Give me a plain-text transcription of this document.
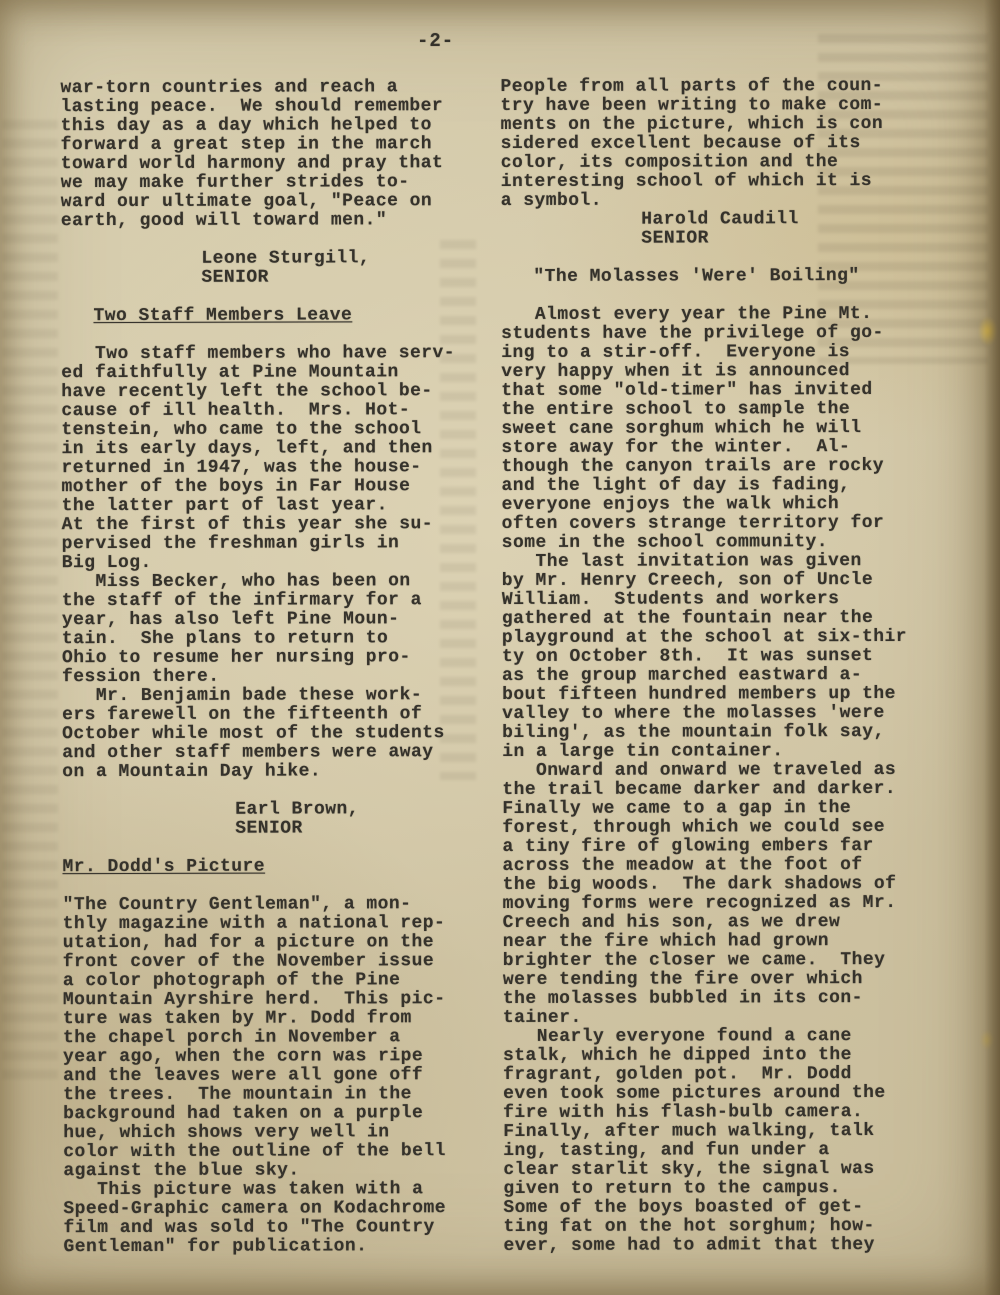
-2-
war-torn countries and reach a
lasting peace.  We should remember
this day as a day which helped to
forward a great step in the march
toward world harmony and pray that
we may make further strides to-
ward our ultimate goal, "Peace on
earth, good will toward men."
Leone Sturgill,
SENIOR
Two Staff Members Leave
Two staff members who have serv-
ed faithfully at Pine Mountain
have recently left the school be-
cause of ill health.  Mrs. Hot-
tenstein, who came to the school
in its early days, left, and then
returned in 1947, was the house-
mother of the boys in Far House
the latter part of last year.
At the first of this year she su-
pervised the freshman girls in
Big Log.
Miss Becker, who has been on
the staff of the infirmary for a
year, has also left Pine Moun-
tain.  She plans to return to
Ohio to resume her nursing pro-
fession there.
Mr. Benjamin bade these work-
ers farewell on the fifteenth of
October while most of the students
and other staff members were away
on a Mountain Day hike.
Earl Brown,
SENIOR
Mr. Dodd's Picture
"The Country Gentleman", a mon-
thly magazine with a national rep-
utation, had for a picture on the
front cover of the November issue
a color photograph of the Pine
Mountain Ayrshire herd.  This pic-
ture was taken by Mr. Dodd from
the chapel porch in November a
year ago, when the corn was ripe
and the leaves were all gone off
the trees.  The mountain in the
background had taken on a purple
hue, which shows very well in
color with the outline of the bell
against the blue sky.
This picture was taken with a
Speed-Graphic camera on Kodachrome
film and was sold to "The Country
Gentleman" for publication.
People from all parts of the coun-
try have been writing to make com-
ments on the picture, which is con
sidered excellent because of its
color, its composition and the
interesting school of which it is
a symbol.
Harold Caudill
SENIOR
"The Molasses 'Were' Boiling"
Almost every year the Pine Mt.
students have the privilege of go-
ing to a stir-off.  Everyone is
very happy when it is announced
that some "old-timer" has invited
the entire school to sample the
sweet cane sorghum which he will
store away for the winter.  Al-
though the canyon trails are rocky
and the light of day is fading,
everyone enjoys the walk which
often covers strange territory for
some in the school community.
The last invitation was given
by Mr. Henry Creech, son of Uncle
William.  Students and workers
gathered at the fountain near the
playground at the school at six-thir
ty on October 8th.  It was sunset
as the group marched eastward a-
bout fifteen hundred members up the
valley to where the molasses 'were
biling', as the mountain folk say,
in a large tin container.
Onward and onward we traveled as
the trail became darker and darker.
Finally we came to a gap in the
forest, through which we could see
a tiny fire of glowing embers far
across the meadow at the foot of
the big woods.  The dark shadows of
moving forms were recognized as Mr.
Creech and his son, as we drew
near the fire which had grown
brighter the closer we came.  They
were tending the fire over which
the molasses bubbled in its con-
tainer.
Nearly everyone found a cane
stalk, which he dipped into the
fragrant, golden pot.  Mr. Dodd
even took some pictures around the
fire with his flash-bulb camera.
Finally, after much walking, talk
ing, tasting, and fun under a
clear starlit sky, the signal was
given to return to the campus.
Some of the boys boasted of get-
ting fat on the hot sorghum; how-
ever, some had to admit that they
